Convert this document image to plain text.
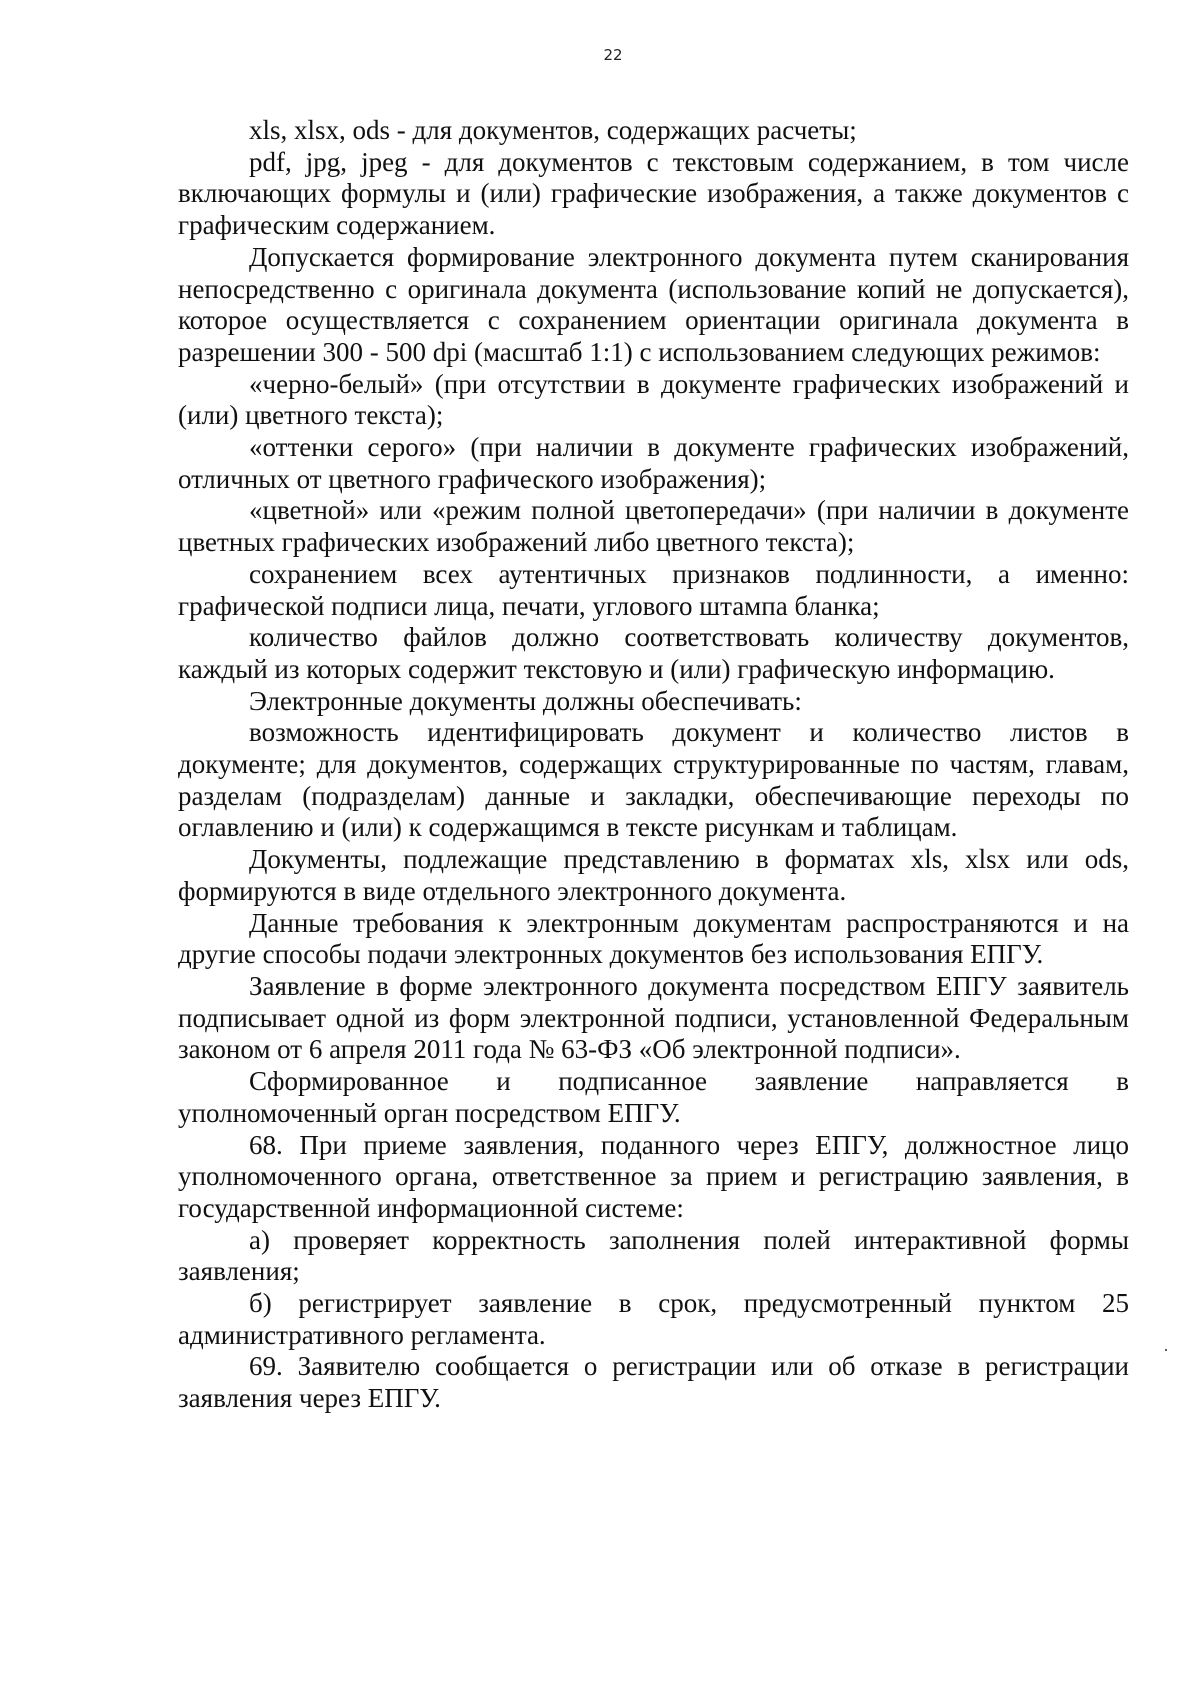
22

xls, xlsx, ods - для документов, содержащих расчеты;

pdf, jpg, jpeg - для документов с текстовым содержанием, в том числе включающих формулы и (или) графические изображения, а также документов с графическим содержанием.

Допускается формирование электронного документа путем сканирования непосредственно с оригинала документа (использование копий не допускается), которое осуществляется с сохранением ориентации оригинала документа в разрешении 300 - 500 dpi (масштаб 1:1) с использованием следующих режимов:

«черно-белый» (при отсутствии в документе графических изображений и (или) цветного текста);

«оттенки серого» (при наличии в документе графических изображений, отличных от цветного графического изображения);

«цветной» или «режим полной цветопередачи» (при наличии в документе цветных графических изображений либо цветного текста);

сохранением всех аутентичных признаков подлинности, а именно: графической подписи лица, печати, углового штампа бланка;

количество файлов должно соответствовать количеству документов, каждый из которых содержит текстовую и (или) графическую информацию.

Электронные документы должны обеспечивать:

возможность идентифицировать документ и количество листов в документе; для документов, содержащих структурированные по частям, главам, разделам (подразделам) данные и закладки, обеспечивающие переходы по оглавлению и (или) к содержащимся в тексте рисункам и таблицам.

Документы, подлежащие представлению в форматах xls, xlsx или ods, формируются в виде отдельного электронного документа.

Данные требования к электронным документам распространяются и на другие способы подачи электронных документов без использования ЕПГУ.

Заявление в форме электронного документа посредством ЕПГУ заявитель подписывает одной из форм электронной подписи, установленной Федеральным законом от 6 апреля 2011 года № 63-ФЗ «Об электронной подписи».

Сформированное и подписанное заявление направляется в уполномоченный орган посредством ЕПГУ.

68. При приеме заявления, поданного через ЕПГУ, должностное лицо уполномоченного органа, ответственное за прием и регистрацию заявления, в государственной информационной системе:

а) проверяет корректность заполнения полей интерактивной формы заявления;

б) регистрирует заявление в срок, предусмотренный пунктом 25 административного регламента.

69. Заявителю сообщается о регистрации или об отказе в регистрации заявления через ЕПГУ.

·
